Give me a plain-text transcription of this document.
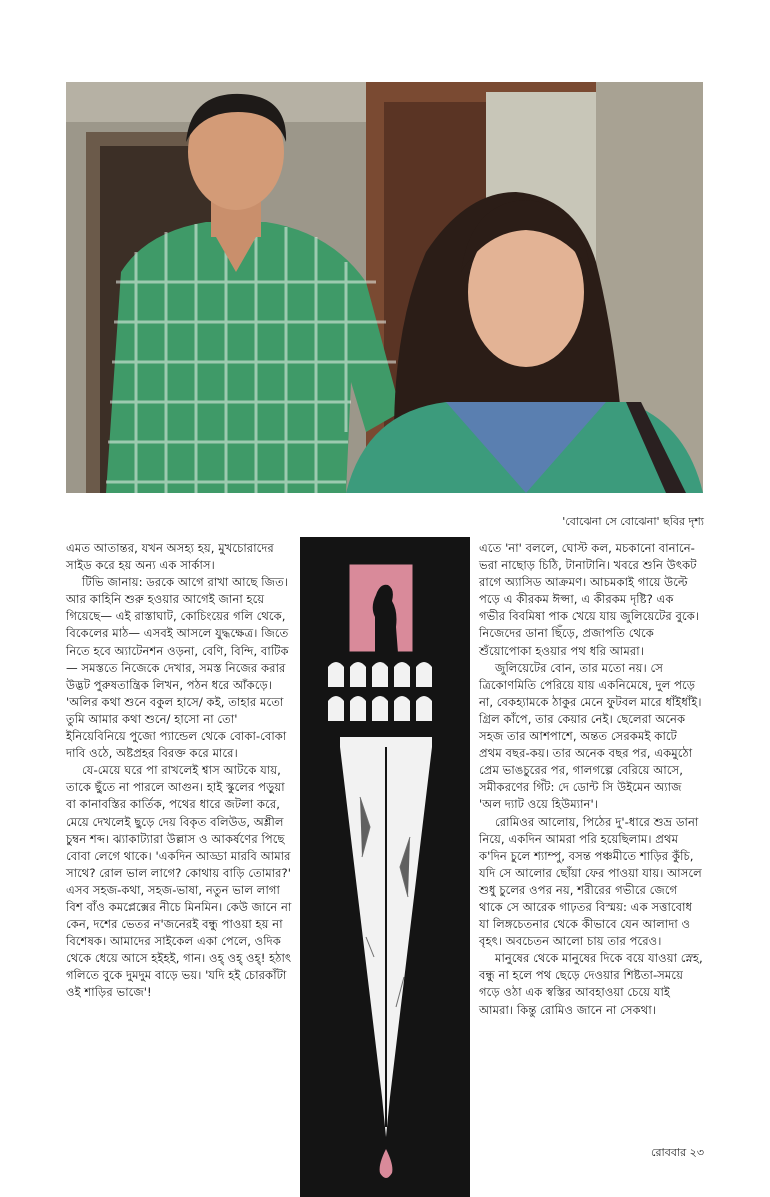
'বোঝেনা সে বোঝেনা' ছবির দৃশ্য

এমত আতান্তর, যখন অসহ্য হয়, মুখচোরাদের সাইড করে হয় অন্য এক সার্কাস।

টিভি জানায়: ডরকে আগে রাখা আছে জিত। আর কাহিনি শুরু হওয়ার আগেই জানা হয়ে গিয়েছে— এই রাস্তাঘাট, কোচিংয়ের গলি থেকে, বিকেলের মাঠ— এসবই আসলে যুদ্ধক্ষেত্র। জিতে নিতে হবে অ্যাটেনশন ওড়না, বেণি, বিন্দি, বাটিক— সমস্ততে নিজেকে দেখার, সমস্ত নিজের করার উদ্ভট পুরুষতান্ত্রিক লিখন, পঠন ধরে আঁকড়ে। 'অলির কথা শুনে বকুল হাসে/ কই, তাহার মতো তুমি আমার কথা শুনে/ হাসো না তো' ইনিয়েবিনিয়ে পুজো প্যান্ডেল থেকে বোকা-বোকা দাবি ওঠে, অষ্টপ্রহর বিরক্ত করে মারে।

যে-মেয়ে ঘরে পা রাখলেই শ্বাস আটকে যায়, তাকে ছুঁতে না পারলে আগুন। হাই স্কুলের পড়ুয়া বা কানাবস্তির কার্তিক, পথের ধারে জটলা করে, মেয়ে দেখলেই ছুড়ে দেয় বিকৃত বলিউড, অশ্লীল চুম্বন শব্দ। ঝ্যাকাট্যারা উল্লাস ও আকর্ষণের পিছে বোবা লেগে থাকে। 'একদিন আড্ডা মারবি আমার সাথে? রোল ভাল লাগে? কোথায় বাড়ি তোমার?' এসব সহজ-কথা, সহজ-ভাষা, নতুন ভাল লাগা বিশ বাঁও কমপ্লেক্সের নীচে মিনমিন। কেউ জানে না কেন, দশের ভেতর ন'জনেরই বন্ধু পাওয়া হয় না বিশেষক। আমাদের সাইকেল একা পেলে, ওদিক থেকে ধেয়ে আসে হইহই, গান। ওহ্ ওহ্ ওহ্! হঠাৎ গলিতে বুকে দুমদুম বাড়ে ভয়। 'যদি হই চোরকাঁটা ওই শাড়ির ভাজে'!

এতে 'না' বললে, ঘোস্ট কল, মচকানো বানানে-ভরা নাছোড় চিঠি, টানাটানি। খবরে শুনি উৎকট রাগে অ্যাসিড আক্রমণ। আচমকাই গায়ে উল্টে পড়ে এ কীরকম ঈপ্সা, এ কীরকম দৃষ্টি? এক গভীর বিবমিষা পাক খেয়ে যায় জুলিয়েটের বুকে। নিজেদের ডানা ছিঁড়ে, প্রজাপতি থেকে শুঁয়োপোকা হওয়ার পথ ধরি আমরা।

জুলিয়েটের বোন, তার মতো নয়। সে ত্রিকোণমিতি পেরিয়ে যায় একনিমেষে, দুল পড়ে না, বেকহ্যামকে ঠাকুর মেনে ফুটবল মারে ধাঁইধাঁই। গ্রিল কাঁপে, তার কেয়ার নেই। ছেলেরা অনেক সহজ তার আশপাশে, অন্তত সেরকমই কাটে প্রথম বছর-কয়। তার অনেক বছর পর, একমুঠো প্রেম ভাঙচুরের পর, গালগল্পে বেরিয়ে আসে, সমীকরণের গিঁট: দে ডোন্ট সি উইমেন অ্যাজ 'অল দ্যাট ওয়ে হিউম্যান'।

রোমিওর আলোয়, পিঠের দু'-ধারে শুভ্র ডানা নিয়ে, একদিন আমরা পরি হয়েছিলাম। প্রথম ক'দিন চুলে শ্যাম্পু, বসন্ত পঞ্চমীতে শাড়ির কুঁচি, যদি সে আলোর ছোঁয়া ফের পাওয়া যায়। আসলে শুধু চুলের ওপর নয়, শরীরের গভীরে জেগে থাকে সে আরেক গাঢ়তর বিস্ময়: এক সত্তাবোধ যা লিঙ্গচেতনার থেকে কীভাবে যেন আলাদা ও বৃহৎ। অবচেতন আলো চায় তার পরেও।

মানুষের থেকে মানুষের দিকে বয়ে যাওয়া স্নেহ, বন্ধু না হলে পথ ছেড়ে দেওয়ার শিষ্টতা-সময়ে গড়ে ওঠা এক স্বস্তির আবহাওয়া চেয়ে যাই আমরা। কিন্তু রোমিও জানে না সেকথা।

রোববার ২৩
